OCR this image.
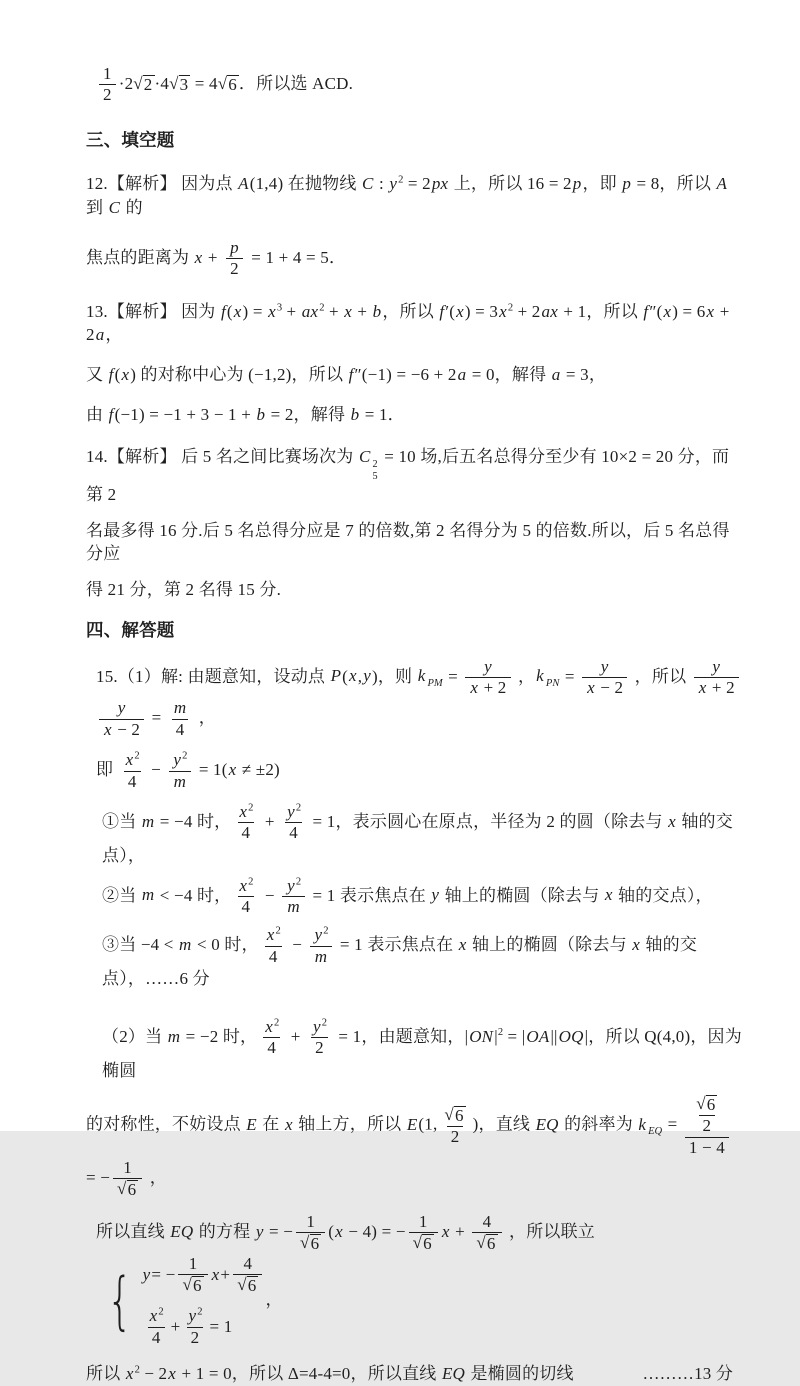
$\frac{1}{2} \cdot 2$ √ 2 ·4 √ 3 = 4 √ 6 ．所以选 ACD.
三、填空题
12.【解析】 因为点 A(1,4) 在抛物线 C : $y^2 = 2px$ 上，所以 16 = 2p，即 p = 8，所以 A 到 C 的
焦点的距离为 $x + \frac{p}{2} = 1 + 4 = 5$．
13.【解析】 因为 $f(x) = x^3 + ax^2 + x + b$，所以 $f'(x) = 3x^2 + 2ax + 1$，所以 f″(x) = 6x + 2a，
又 f(x) 的对称中心为 (−1,2)，所以 f″(−1) = −6 + 2a = 0，解得 a = 3，
由 f(−1) = −1 + 3 − 1 + b = 2，解得 b = 1．
14.【解析】 后 5 名之间比赛场次为 C 2
5
= 10 场,后五名总得分至少有 10×2 = 20 分，而第 2
名最多得 16 分.后 5 名总得分应是 7 的倍数,第 2 名得分为 5 的倍数.所以，后 5 名总得分应
得 21 分，第 2 名得 15 分.
四、解答题
15.（1）解: 由题意知，设动点 P(x,y)，则 k $_{PM} = \frac{y}{x + 2}$ ，k $_{PN} = \frac{y}{x - 2}$ ，所以 $\frac{y}{x + 2}$
$\frac{y}{x - 2} = \frac{m}{4}$ ，
即 $\frac{x^2}{4} - \frac{y^2}{m} = 1(x \ne \pm 2)$
①当 m = −4 时， $\frac{x^2}{4} + \frac{y^2}{4} = 1$，表示圆心在原点，半径为 2 的圆（除去与 x 轴的交点），
②当 m < −4 时， $\frac{x^2}{4} - \frac{y^2}{m} = 1$ 表示焦点在 y 轴上的椭圆（除去与 x 轴的交点），
③当 −4 < m < 0 时， $\frac{x^2}{4} - \frac{y^2}{m} = 1$ 表示焦点在 x 轴上的椭圆（除去与 x 轴的交点），……6 分
（2）当 m = −2 时， $\frac{x^2}{4} + \frac{y^2}{2} = 1$，由题意知，$|ON|^2 = |OA||OQ|$，所以 Q(4,0)，因为椭圆
的对称性，不妨设点 E 在 x 轴上方，所以 E(1, $\frac{√ 6}{2}$ )，直线 EQ 的斜率为 k $_{EQ} = \frac{\frac{√ 6}{2}}{1 - 4}$
= − $\frac{1}{√ 6}$ ，
所以直线 EQ 的方程 y = − $\frac{1}{√ 6} (x - 4)$ = − $\frac{1}{√ 6}$ $x + \frac{4}{√ 6}$ ，所以联立
{ y = − $\frac{1}{√ 6}$ $x + \frac{4}{√ 6}$
$\frac{x^2}{4} + \frac{y^2}{2} = 1$
，
所以 $x^2 - 2x + 1 = 0$，所以 Δ=4-4=0，所以直线 EQ 是椭圆的切线　　　　………13 分
